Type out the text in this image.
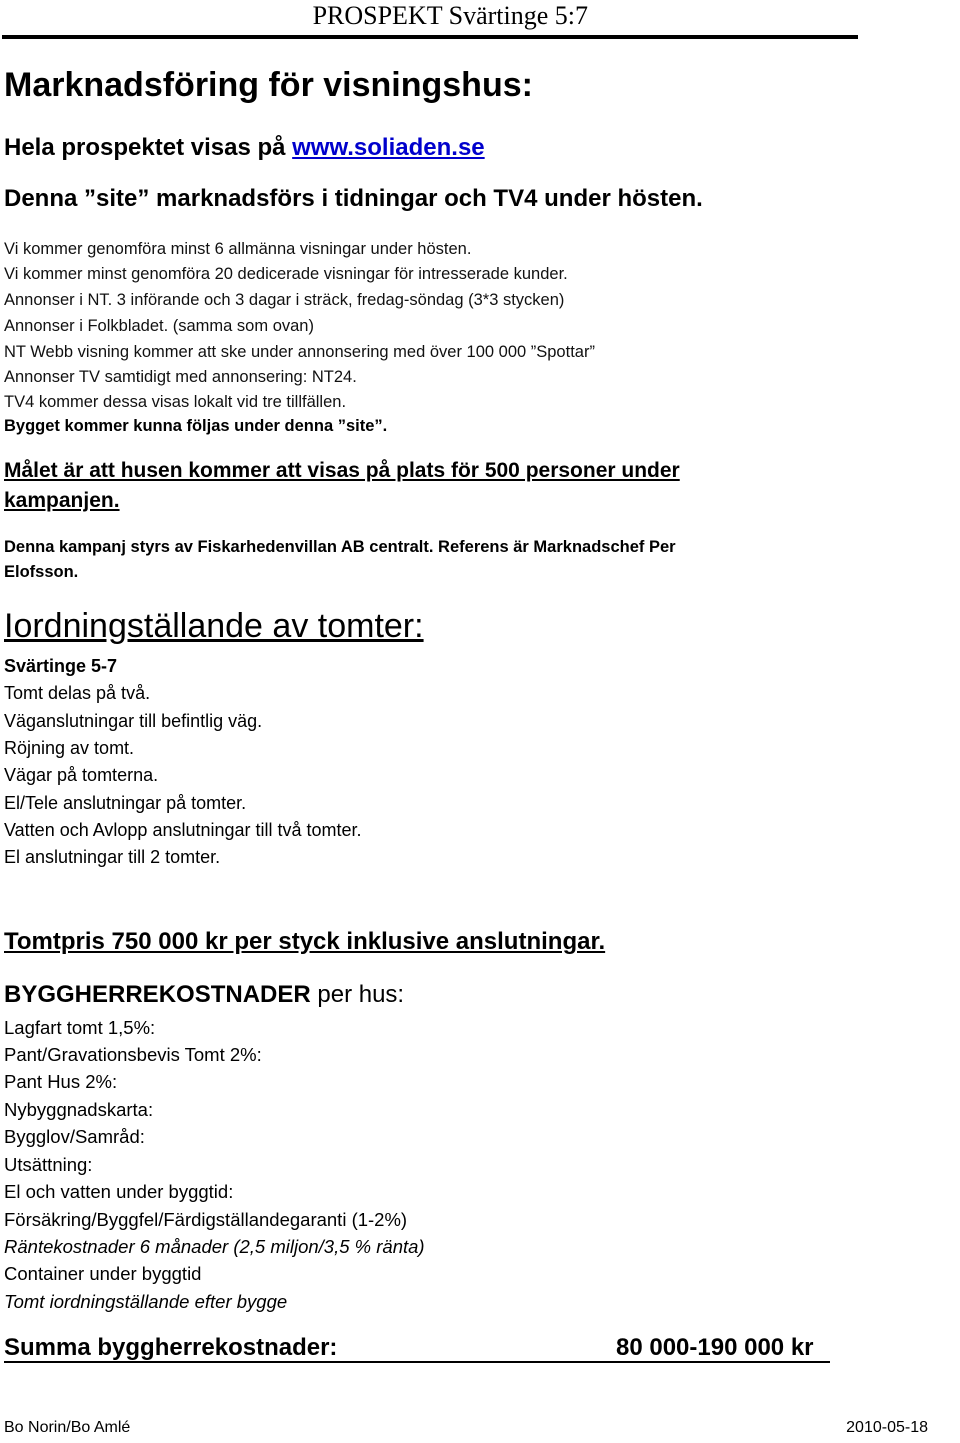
PROSPEKT Svärtinge 5:7
Marknadsföring för visningshus:
Hela prospektet visas på www.soliaden.se
Denna ”site” marknadsförs i tidningar och TV4 under hösten.
Vi kommer genomföra minst 6 allmänna visningar under hösten.
Vi kommer minst genomföra 20 dedicerade visningar för intresserade kunder.
Annonser i NT. 3 införande och 3 dagar i sträck, fredag-söndag (3*3 stycken)
Annonser i Folkbladet. (samma som ovan)
NT Webb visning kommer att ske under annonsering med över 100 000 ”Spottar”
Annonser TV samtidigt med annonsering: NT24.
TV4 kommer dessa visas lokalt vid tre tillfällen.
Bygget kommer kunna följas under denna ”site”.
Målet är att husen kommer att visas på plats för 500 personer under
kampanjen.
Denna kampanj styrs av Fiskarhedenvillan AB centralt. Referens är Marknadschef Per
Elofsson.
Iordningställande av tomter:
Svärtinge 5-7
Tomt delas på två.
Väganslutningar till befintlig väg.
Röjning av tomt.
Vägar på tomterna.
El/Tele anslutningar på tomter.
Vatten och Avlopp anslutningar till två tomter.
El anslutningar till 2 tomter.
Tomtpris 750 000 kr per styck inklusive anslutningar.
BYGGHERREKOSTNADER per hus:
Lagfart tomt 1,5%:
Pant/Gravationsbevis Tomt 2%:
Pant Hus 2%:
Nybyggnadskarta:
Bygglov/Samråd:
Utsättning:
El och vatten under byggtid:
Försäkring/Byggfel/Färdigställandegaranti (1-2%)
Räntekostnader 6 månader (2,5 miljon/3,5 % ränta)
Container under byggtid
Tomt iordningställande efter bygge
Summa byggherrekostnader:	80 000-190 000 kr
Bo Norin/Bo Amlé	2010-05-18
